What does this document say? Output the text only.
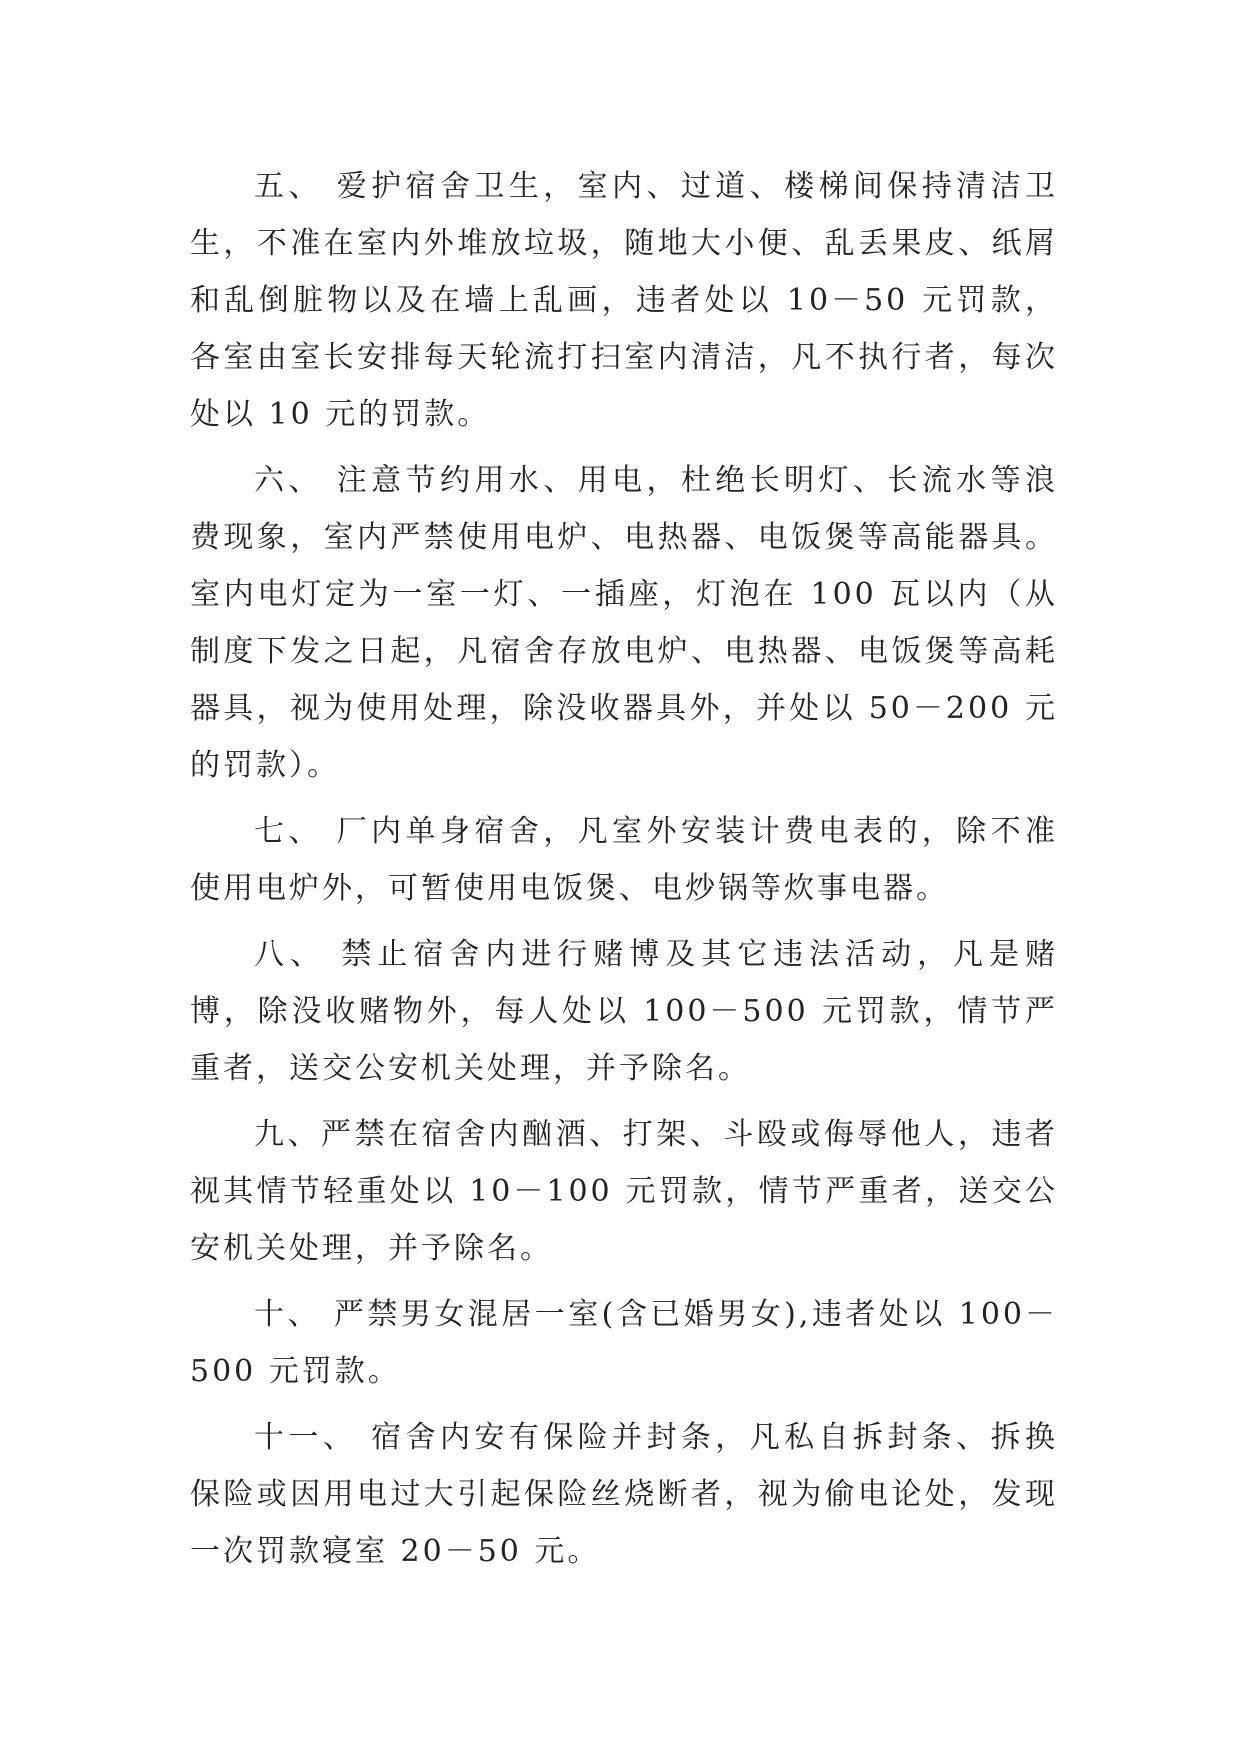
五、 爱护宿舍卫生，室内、过道、楼梯间保持清洁卫生，不准在室内外堆放垃圾，随地大小便、乱丢果皮、纸屑和乱倒脏物以及在墙上乱画，违者处以 10－50 元罚款，各室由室长安排每天轮流打扫室内清洁，凡不执行者，每次处以 10 元的罚款。

六、 注意节约用水、用电，杜绝长明灯、长流水等浪费现象，室内严禁使用电炉、电热器、电饭煲等高能器具。室内电灯定为一室一灯、一插座，灯泡在 100 瓦以内（从制度下发之日起，凡宿舍存放电炉、电热器、电饭煲等高耗器具，视为使用处理，除没收器具外，并处以 50－200 元的罚款）。

七、 厂内单身宿舍，凡室外安装计费电表的，除不准使用电炉外，可暂使用电饭煲、电炒锅等炊事电器。

八、 禁止宿舍内进行赌博及其它违法活动，凡是赌博，除没收赌物外，每人处以 100－500 元罚款，情节严重者，送交公安机关处理，并予除名。

九、严禁在宿舍内酗酒、打架、斗殴或侮辱他人，违者视其情节轻重处以 10－100 元罚款，情节严重者，送交公安机关处理，并予除名。

十、 严禁男女混居一室(含已婚男女),违者处以 100－500 元罚款。

十一、 宿舍内安有保险并封条，凡私自拆封条、拆换保险或因用电过大引起保险丝烧断者，视为偷电论处，发现一次罚款寝室 20－50 元。
